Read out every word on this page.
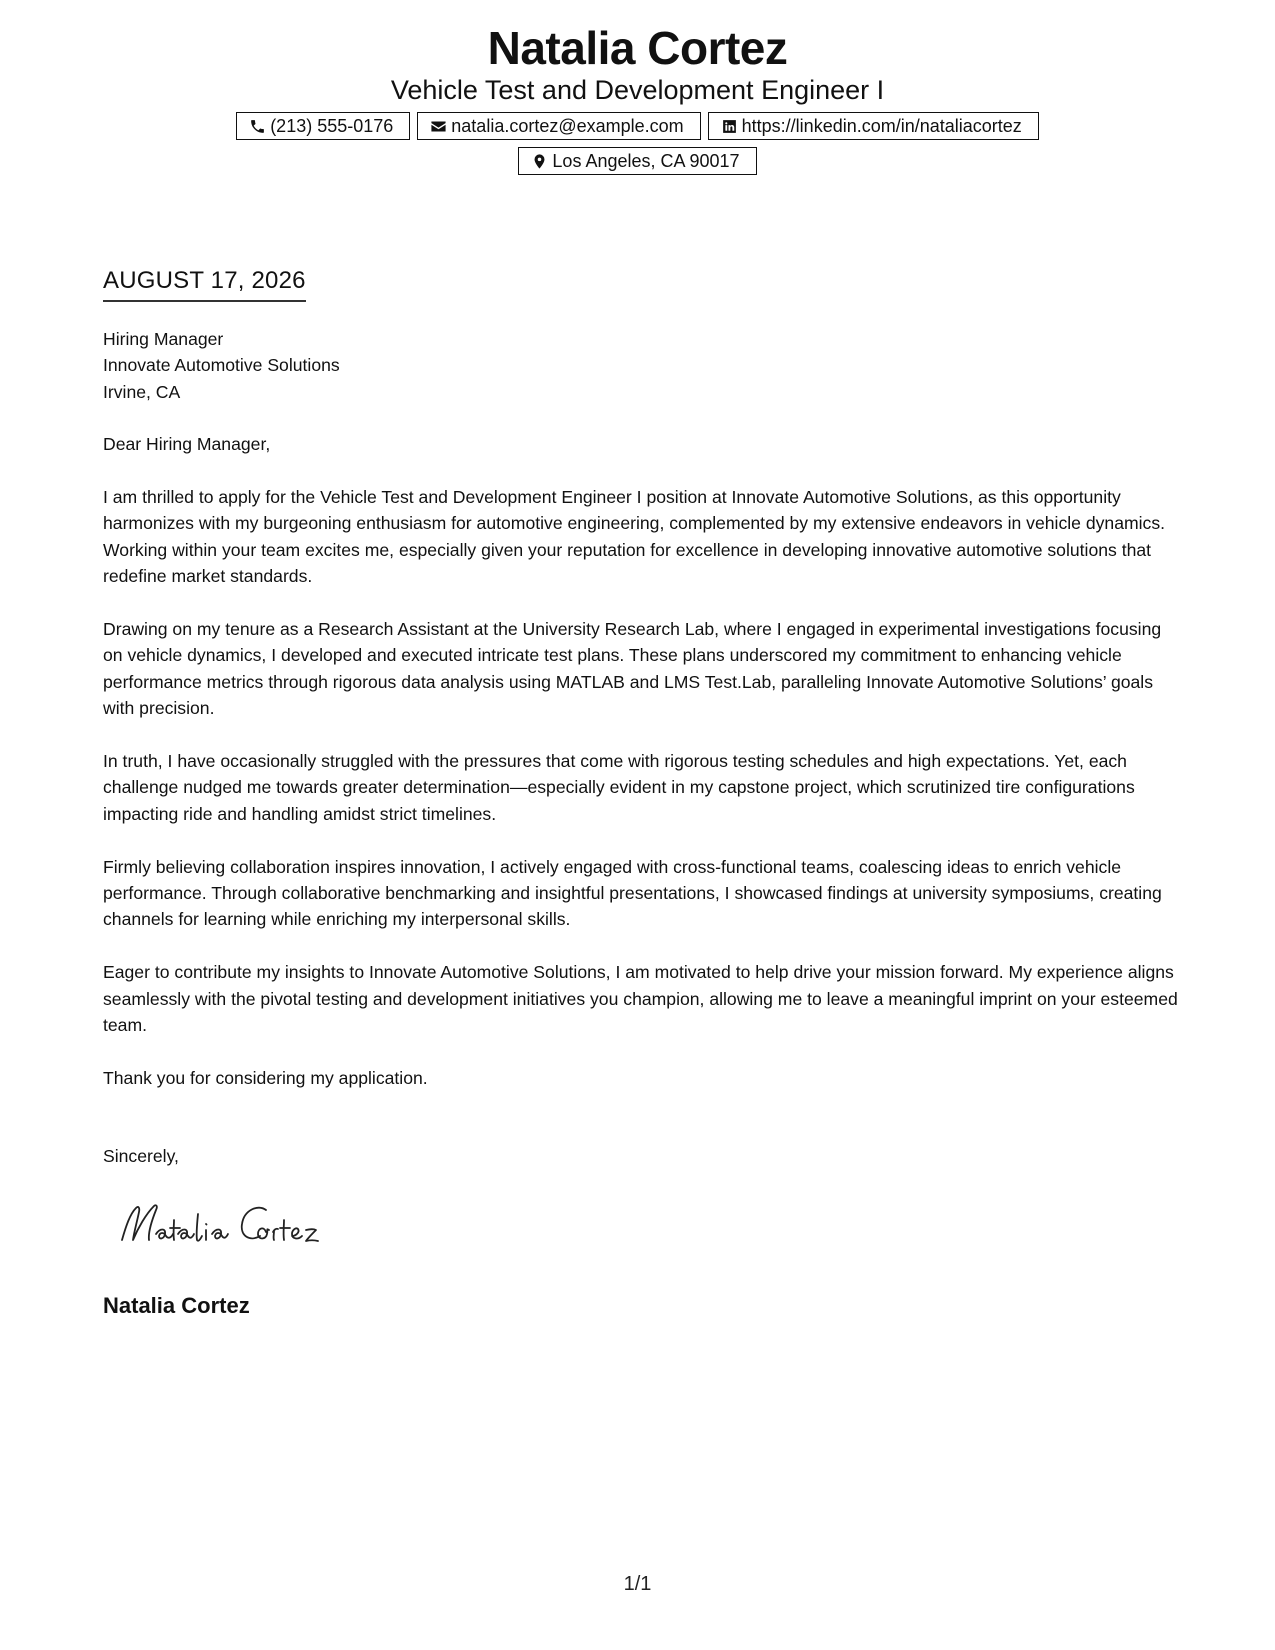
Natalia Cortez
Vehicle Test and Development Engineer I
(213) 555-0176	natalia.cortez@example.com	https://linkedin.com/in/nataliacortez
Los Angeles, CA 90017
AUGUST 17, 2026
Hiring Manager
Innovate Automotive Solutions
Irvine, CA

Dear Hiring Manager,

I am thrilled to apply for the Vehicle Test and Development Engineer I position at Innovate Automotive Solutions, as this opportunity harmonizes with my burgeoning enthusiasm for automotive engineering, complemented by my extensive endeavors in vehicle dynamics. Working within your team excites me, especially given your reputation for excellence in developing innovative automotive solutions that redefine market standards.

Drawing on my tenure as a Research Assistant at the University Research Lab, where I engaged in experimental investigations focusing on vehicle dynamics, I developed and executed intricate test plans. These plans underscored my commitment to enhancing vehicle performance metrics through rigorous data analysis using MATLAB and LMS Test.Lab, paralleling Innovate Automotive Solutions’ goals with precision.

In truth, I have occasionally struggled with the pressures that come with rigorous testing schedules and high expectations. Yet, each challenge nudged me towards greater determination—especially evident in my capstone project, which scrutinized tire configurations impacting ride and handling amidst strict timelines.

Firmly believing collaboration inspires innovation, I actively engaged with cross-functional teams, coalescing ideas to enrich vehicle performance. Through collaborative benchmarking and insightful presentations, I showcased findings at university symposiums, creating channels for learning while enriching my interpersonal skills.

Eager to contribute my insights to Innovate Automotive Solutions, I am motivated to help drive your mission forward. My experience aligns seamlessly with the pivotal testing and development initiatives you champion, allowing me to leave a meaningful imprint on your esteemed team.

Thank you for considering my application.

Sincerely,

Natalia Cortez
1/1
